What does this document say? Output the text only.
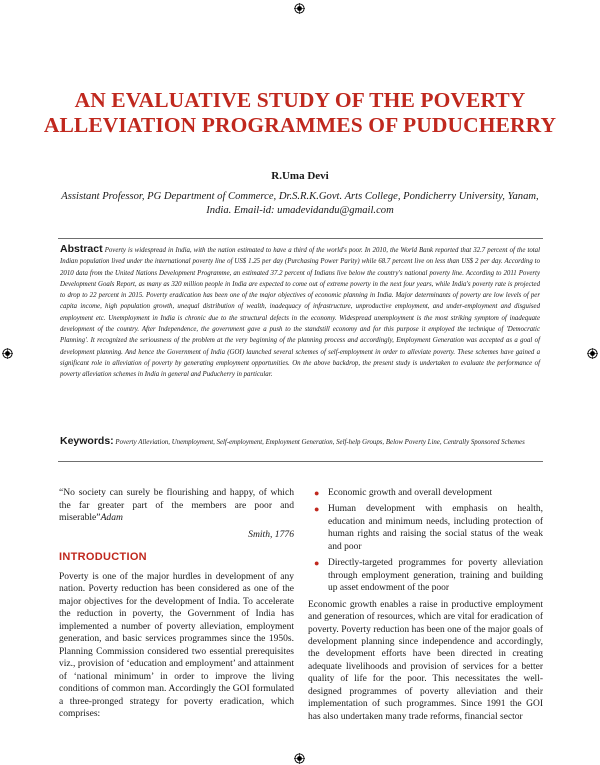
AN EVALUATIVE STUDY OF THE POVERTY ALLEVIATION PROGRAMMES OF PUDUCHERRY

R.Uma Devi

Assistant Professor, PG Department of Commerce, Dr.S.R.K.Govt. Arts College, Pondicherry University, Yanam, India. Email-id: umadevidandu@gmail.com

Abstract Poverty is widespread in India, with the nation estimated to have a third of the world's poor. In 2010, the World Bank reported that 32.7 percent of the total Indian population lived under the international poverty line of US$ 1.25 per day (Purchasing Power Parity) while 68.7 percent live on less than US$ 2 per day. According to 2010 data from the United Nations Development Programme, an estimated 37.2 percent of Indians live below the country's national poverty line. According to 2011 Poverty Development Goals Report, as many as 320 million people in India are expected to come out of extreme poverty in the next four years, while India's poverty rate is projected to drop to 22 percent in 2015. Poverty eradication has been one of the major objectives of economic planning in India. Major determinants of poverty are low levels of per capita income, high population growth, unequal distribution of wealth, inadequacy of infrastructure, unproductive employment, and under-employment and disguised employment etc. Unemployment in India is chronic due to the structural defects in the economy. Widespread unemployment is the most striking symptom of inadequate development of the country. After Independence, the government gave a push to the standstill economy and for this purpose it employed the technique of 'Democratic Planning'. It recognized the seriousness of the problem at the very beginning of the planning process and accordingly, Employment Generation was accepted as a goal of development planning. And hence the Government of India (GOI) launched several schemes of self-employment in order to alleviate poverty. These schemes have gained a significant role in alleviation of poverty by generating employment opportunities. On the above backdrop, the present study is undertaken to evaluate the performance of poverty alleviation schemes in India in general and Puducherry in particular.

Keywords: Poverty Alleviation, Unemployment, Self-employment, Employment Generation, Self-help Groups, Below Poverty Line, Centrally Sponsored Schemes

“No society can surely be flourishing and happy, of which the far greater part of the members are poor and miserable”Adam

Smith, 1776

INTRODUCTION

Poverty is one of the major hurdles in development of any nation. Poverty reduction has been considered as one of the major objectives for the development of India. To accelerate the reduction in poverty, the Government of India has implemented a number of poverty alleviation, employment generation, and basic services programmes since the 1950s. Planning Commission considered two essential prerequisites viz., provision of ‘education and employment’ and attainment of ‘national minimum’ in order to improve the living conditions of common man. Accordingly the GOI formulated a three-pronged strategy for poverty eradication, which comprises:

● Economic growth and overall development
● Human development with emphasis on health, education and minimum needs, including protection of human rights and raising the social status of the weak and poor
● Directly-targeted programmes for poverty alleviation through employment generation, training and building up asset endowment of the poor

Economic growth enables a raise in productive employment and generation of resources, which are vital for eradication of poverty. Poverty reduction has been one of the major goals of development planning since independence and accordingly, the development efforts have been directed in creating adequate livelihoods and provision of services for a better quality of life for the poor. This necessitates the well-designed programmes of poverty alleviation and their implementation of such programmes. Since 1991 the GOI has also undertaken many trade reforms, financial sector
